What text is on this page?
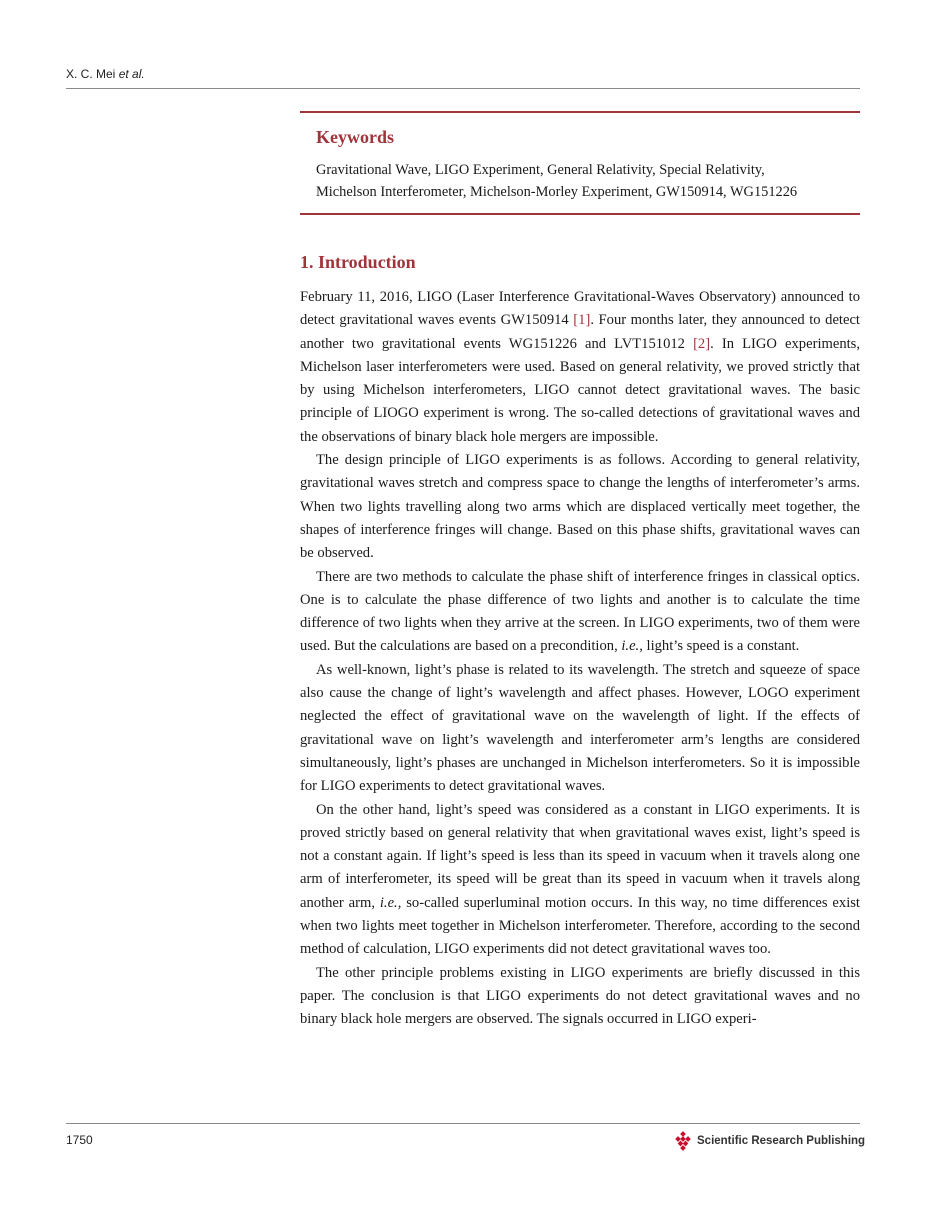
X. C. Mei et al.
Keywords
Gravitational Wave, LIGO Experiment, General Relativity, Special Relativity,
Michelson Interferometer, Michelson-Morley Experiment, GW150914, WG151226
1. Introduction

February 11, 2016, LIGO (Laser Interference Gravitational-Waves Observatory) announced to detect gravitational waves events GW150914 [1]. Four months later, they announced to detect another two gravitational events WG151226 and LVT151012 [2]. In LIGO experiments, Michelson laser interferometers were used. Based on general relativity, we proved strictly that by using Michelson interferometers, LIGO cannot detect gravitational waves. The basic principle of LIOGO experiment is wrong. The so-called detections of gravitational waves and the observations of binary black hole mergers are impossible.

The design principle of LIGO experiments is as follows. According to general relativity, gravitational waves stretch and compress space to change the lengths of interferometer’s arms. When two lights travelling along two arms which are displaced vertically meet together, the shapes of interference fringes will change. Based on this phase shifts, gravitational waves can be observed.

There are two methods to calculate the phase shift of interference fringes in classical optics. One is to calculate the phase difference of two lights and another is to calculate the time difference of two lights when they arrive at the screen. In LIGO experiments, two of them were used. But the calculations are based on a precondition, i.e., light’s speed is a constant.

As well-known, light’s phase is related to its wavelength. The stretch and squeeze of space also cause the change of light’s wavelength and affect phases. However, LOGO experiment neglected the effect of gravitational wave on the wavelength of light. If the effects of gravitational wave on light’s wavelength and interferometer arm’s lengths are considered simultaneously, light’s phases are unchanged in Michelson interferometers. So it is impossible for LIGO experiments to detect gravitational waves.

On the other hand, light’s speed was considered as a constant in LIGO experiments. It is proved strictly based on general relativity that when gravitational waves exist, light’s speed is not a constant again. If light’s speed is less than its speed in vacuum when it travels along one arm of interferometer, its speed will be great than its speed in vacuum when it travels along another arm, i.e., so-called superluminal motion occurs. In this way, no time differences exist when two lights meet together in Michelson interferometer. Therefore, according to the second method of calculation, LIGO experiments did not detect gravitational waves too.

The other principle problems existing in LIGO experiments are briefly discussed in this paper. The conclusion is that LIGO experiments do not detect gravitational waves and no binary black hole mergers are observed. The signals occurred in LIGO experi-

1750	Scientific Research Publishing
